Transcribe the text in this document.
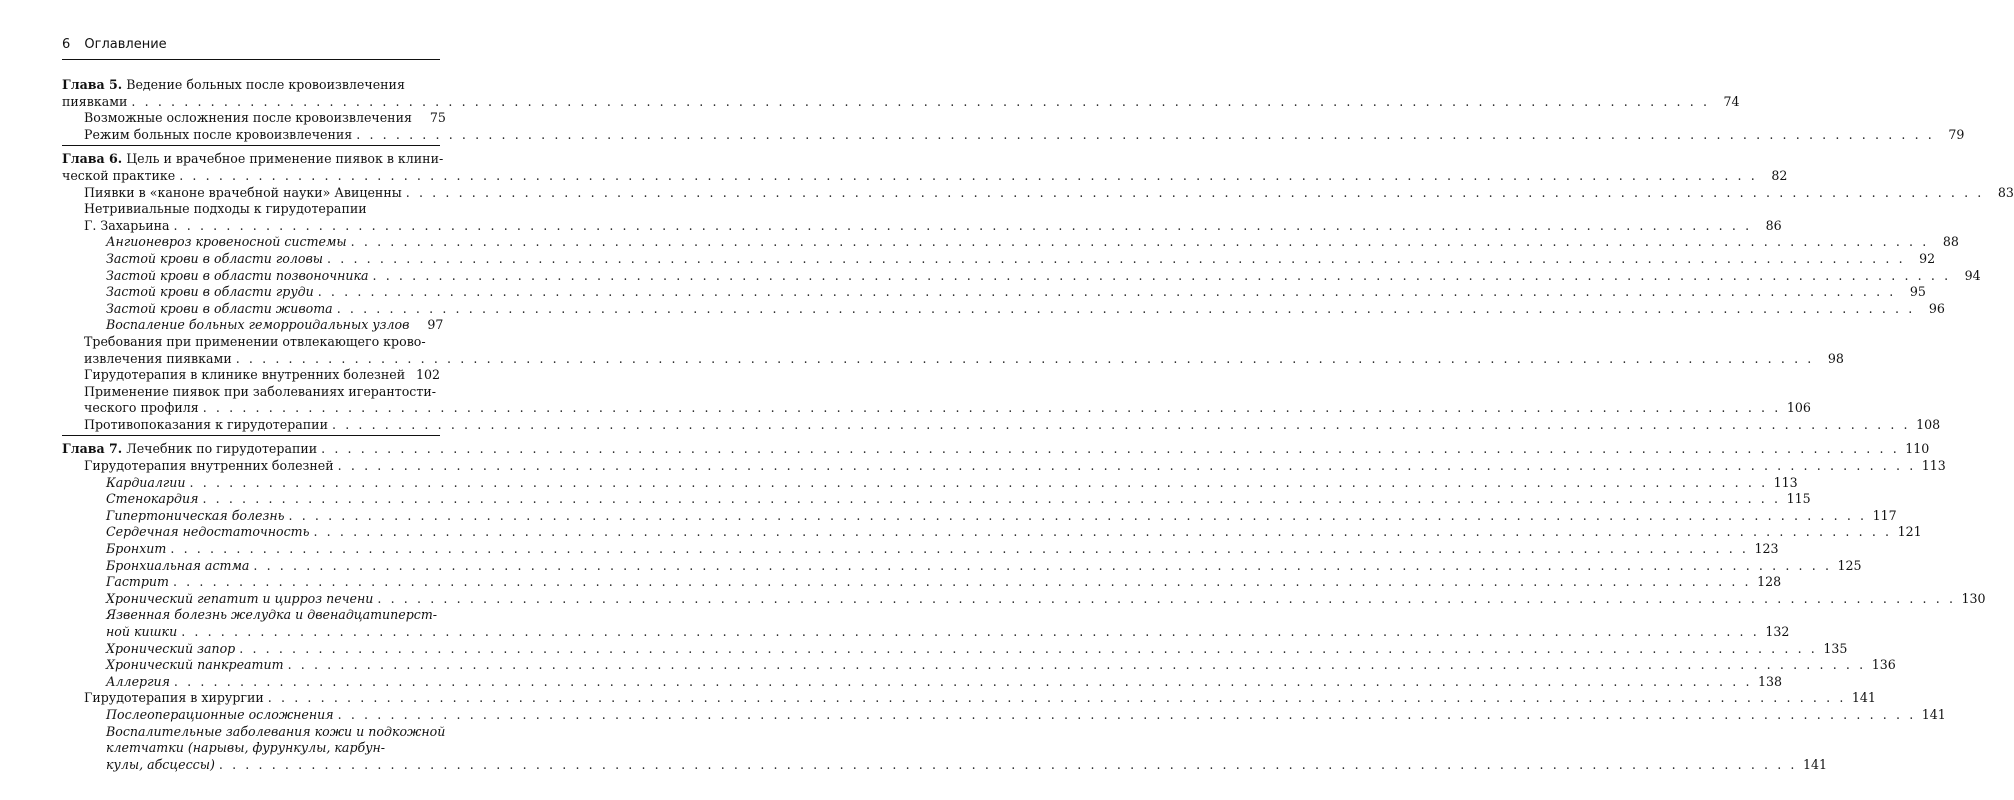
6 Оглавление
Глава 5. Ведение больных после кровоизвлечения
пиявками . . . . . . . . . . . . . . . . . . . . . . . . . . . . . . . . . . . . . . . . . . . . . . . . . . . . . . . . . . . . . . . . . . . . . . . . . . . . . . . . . . . . . . . . . . . . . . . . . . . . . . . . . . . . . . . . . . . . . . . .	74
Возможные осложнения после кровоизвлечения	75
Режим больных после кровоизвлечения . . . . . . . . . . . . . . . . . . . . . . . . . . . . . . . . . . . . . . . . . . . . . . . . . . . . . . . . . . . . . . . . . . . . . . . . . . . . . . . . . . . . . . . . . . . . . . . . . . . . . . . . . . . . . . . . . . . . . . . .	79
Глава 6. Цель и врачебное применение пиявок в клини-
ческой практике . . . . . . . . . . . . . . . . . . . . . . . . . . . . . . . . . . . . . . . . . . . . . . . . . . . . . . . . . . . . . . . . . . . . . . . . . . . . . . . . . . . . . . . . . . . . . . . . . . . . . . . . . . . . . . . . . . . . . . . .	82
Пиявки в «каноне врачебной науки» Авиценны . . . . . . . . . . . . . . . . . . . . . . . . . . . . . . . . . . . . . . . . . . . . . . . . . . . . . . . . . . . . . . . . . . . . . . . . . . . . . . . . . . . . . . . . . . . . . . . . . . . . . . . . . . . . . . . . . . . . . . . .	83
Нетривиальные подходы к гирудотерапии
Г. Захарьина . . . . . . . . . . . . . . . . . . . . . . . . . . . . . . . . . . . . . . . . . . . . . . . . . . . . . . . . . . . . . . . . . . . . . . . . . . . . . . . . . . . . . . . . . . . . . . . . . . . . . . . . . . . . . . . . . . . . . . . .	86
Ангионевроз кровеносной системы . . . . . . . . . . . . . . . . . . . . . . . . . . . . . . . . . . . . . . . . . . . . . . . . . . . . . . . . . . . . . . . . . . . . . . . . . . . . . . . . . . . . . . . . . . . . . . . . . . . . . . . . . . . . . . . . . . . . . . . .	88
Застой крови в области головы . . . . . . . . . . . . . . . . . . . . . . . . . . . . . . . . . . . . . . . . . . . . . . . . . . . . . . . . . . . . . . . . . . . . . . . . . . . . . . . . . . . . . . . . . . . . . . . . . . . . . . . . . . . . . . . . . . . . . . . .	92
Застой крови в области позвоночника . . . . . . . . . . . . . . . . . . . . . . . . . . . . . . . . . . . . . . . . . . . . . . . . . . . . . . . . . . . . . . . . . . . . . . . . . . . . . . . . . . . . . . . . . . . . . . . . . . . . . . . . . . . . . . . . . . . . . . . .	94
Застой крови в области груди . . . . . . . . . . . . . . . . . . . . . . . . . . . . . . . . . . . . . . . . . . . . . . . . . . . . . . . . . . . . . . . . . . . . . . . . . . . . . . . . . . . . . . . . . . . . . . . . . . . . . . . . . . . . . . . . . . . . . . . .	95
Застой крови в области живота . . . . . . . . . . . . . . . . . . . . . . . . . . . . . . . . . . . . . . . . . . . . . . . . . . . . . . . . . . . . . . . . . . . . . . . . . . . . . . . . . . . . . . . . . . . . . . . . . . . . . . . . . . . . . . . . . . . . . . . .	96
Воспаление больных геморроидальных узлов	97
Требования при применении отвлекающего крово-
извлечения пиявками . . . . . . . . . . . . . . . . . . . . . . . . . . . . . . . . . . . . . . . . . . . . . . . . . . . . . . . . . . . . . . . . . . . . . . . . . . . . . . . . . . . . . . . . . . . . . . . . . . . . . . . . . . . . . . . . . . . . . . . .	98
Гирудотерапия в клинике внутренних болезней 102
Применение пиявок при заболеваниях игерантости-
ческого профиля . . . . . . . . . . . . . . . . . . . . . . . . . . . . . . . . . . . . . . . . . . . . . . . . . . . . . . . . . . . . . . . . . . . . . . . . . . . . . . . . . . . . . . . . . . . . . . . . . . . . . . . . . . . . . . . . . . . . . . . . 106
Противопоказания к гирудотерапии . . . . . . . . . . . . . . . . . . . . . . . . . . . . . . . . . . . . . . . . . . . . . . . . . . . . . . . . . . . . . . . . . . . . . . . . . . . . . . . . . . . . . . . . . . . . . . . . . . . . . . . . . . . . . . . . . . . . . . . . 108
Глава 7. Лечебник по гирудотерапии . . . . . . . . . . . . . . . . . . . . . . . . . . . . . . . . . . . . . . . . . . . . . . . . . . . . . . . . . . . . . . . . . . . . . . . . . . . . . . . . . . . . . . . . . . . . . . . . . . . . . . . . . . . . . . . . . . . . . . . . 110
Гирудотерапия внутренних болезней . . . . . . . . . . . . . . . . . . . . . . . . . . . . . . . . . . . . . . . . . . . . . . . . . . . . . . . . . . . . . . . . . . . . . . . . . . . . . . . . . . . . . . . . . . . . . . . . . . . . . . . . . . . . . . . . . . . . . . . . 113
Кардиалгии . . . . . . . . . . . . . . . . . . . . . . . . . . . . . . . . . . . . . . . . . . . . . . . . . . . . . . . . . . . . . . . . . . . . . . . . . . . . . . . . . . . . . . . . . . . . . . . . . . . . . . . . . . . . . . . . . . . . . . . . 113
Стенокардия . . . . . . . . . . . . . . . . . . . . . . . . . . . . . . . . . . . . . . . . . . . . . . . . . . . . . . . . . . . . . . . . . . . . . . . . . . . . . . . . . . . . . . . . . . . . . . . . . . . . . . . . . . . . . . . . . . . . . . . . 115
Гипертоническая болезнь . . . . . . . . . . . . . . . . . . . . . . . . . . . . . . . . . . . . . . . . . . . . . . . . . . . . . . . . . . . . . . . . . . . . . . . . . . . . . . . . . . . . . . . . . . . . . . . . . . . . . . . . . . . . . . . . . . . . . . . . 117
Сердечная недостаточность . . . . . . . . . . . . . . . . . . . . . . . . . . . . . . . . . . . . . . . . . . . . . . . . . . . . . . . . . . . . . . . . . . . . . . . . . . . . . . . . . . . . . . . . . . . . . . . . . . . . . . . . . . . . . . . . . . . . . . . . 121
Бронхит . . . . . . . . . . . . . . . . . . . . . . . . . . . . . . . . . . . . . . . . . . . . . . . . . . . . . . . . . . . . . . . . . . . . . . . . . . . . . . . . . . . . . . . . . . . . . . . . . . . . . . . . . . . . . . . . . . . . . . . . 123
Бронхиальная астма . . . . . . . . . . . . . . . . . . . . . . . . . . . . . . . . . . . . . . . . . . . . . . . . . . . . . . . . . . . . . . . . . . . . . . . . . . . . . . . . . . . . . . . . . . . . . . . . . . . . . . . . . . . . . . . . . . . . . . . . 125
Гастрит . . . . . . . . . . . . . . . . . . . . . . . . . . . . . . . . . . . . . . . . . . . . . . . . . . . . . . . . . . . . . . . . . . . . . . . . . . . . . . . . . . . . . . . . . . . . . . . . . . . . . . . . . . . . . . . . . . . . . . . . 128
Хронический гепатит и цирроз печени . . . . . . . . . . . . . . . . . . . . . . . . . . . . . . . . . . . . . . . . . . . . . . . . . . . . . . . . . . . . . . . . . . . . . . . . . . . . . . . . . . . . . . . . . . . . . . . . . . . . . . . . . . . . . . . . . . . . . . . . 130
Язвенная болезнь желудка и двенадцатиперст-
ной кишки . . . . . . . . . . . . . . . . . . . . . . . . . . . . . . . . . . . . . . . . . . . . . . . . . . . . . . . . . . . . . . . . . . . . . . . . . . . . . . . . . . . . . . . . . . . . . . . . . . . . . . . . . . . . . . . . . . . . . . . . 132
Хронический запор . . . . . . . . . . . . . . . . . . . . . . . . . . . . . . . . . . . . . . . . . . . . . . . . . . . . . . . . . . . . . . . . . . . . . . . . . . . . . . . . . . . . . . . . . . . . . . . . . . . . . . . . . . . . . . . . . . . . . . . . 135
Хронический панкреатит . . . . . . . . . . . . . . . . . . . . . . . . . . . . . . . . . . . . . . . . . . . . . . . . . . . . . . . . . . . . . . . . . . . . . . . . . . . . . . . . . . . . . . . . . . . . . . . . . . . . . . . . . . . . . . . . . . . . . . . . 136
Аллергия . . . . . . . . . . . . . . . . . . . . . . . . . . . . . . . . . . . . . . . . . . . . . . . . . . . . . . . . . . . . . . . . . . . . . . . . . . . . . . . . . . . . . . . . . . . . . . . . . . . . . . . . . . . . . . . . . . . . . . . . 138
Гирудотерапия в хирургии . . . . . . . . . . . . . . . . . . . . . . . . . . . . . . . . . . . . . . . . . . . . . . . . . . . . . . . . . . . . . . . . . . . . . . . . . . . . . . . . . . . . . . . . . . . . . . . . . . . . . . . . . . . . . . . . . . . . . . . . 141
Послеоперационные осложнения . . . . . . . . . . . . . . . . . . . . . . . . . . . . . . . . . . . . . . . . . . . . . . . . . . . . . . . . . . . . . . . . . . . . . . . . . . . . . . . . . . . . . . . . . . . . . . . . . . . . . . . . . . . . . . . . . . . . . . . . 141
Воспалительные заболевания кожи и подкожной
клетчатки (нарывы, фурункулы, карбун-
кулы, абсцессы) . . . . . . . . . . . . . . . . . . . . . . . . . . . . . . . . . . . . . . . . . . . . . . . . . . . . . . . . . . . . . . . . . . . . . . . . . . . . . . . . . . . . . . . . . . . . . . . . . . . . . . . . . . . . . . . . . . . . . . . . 141
